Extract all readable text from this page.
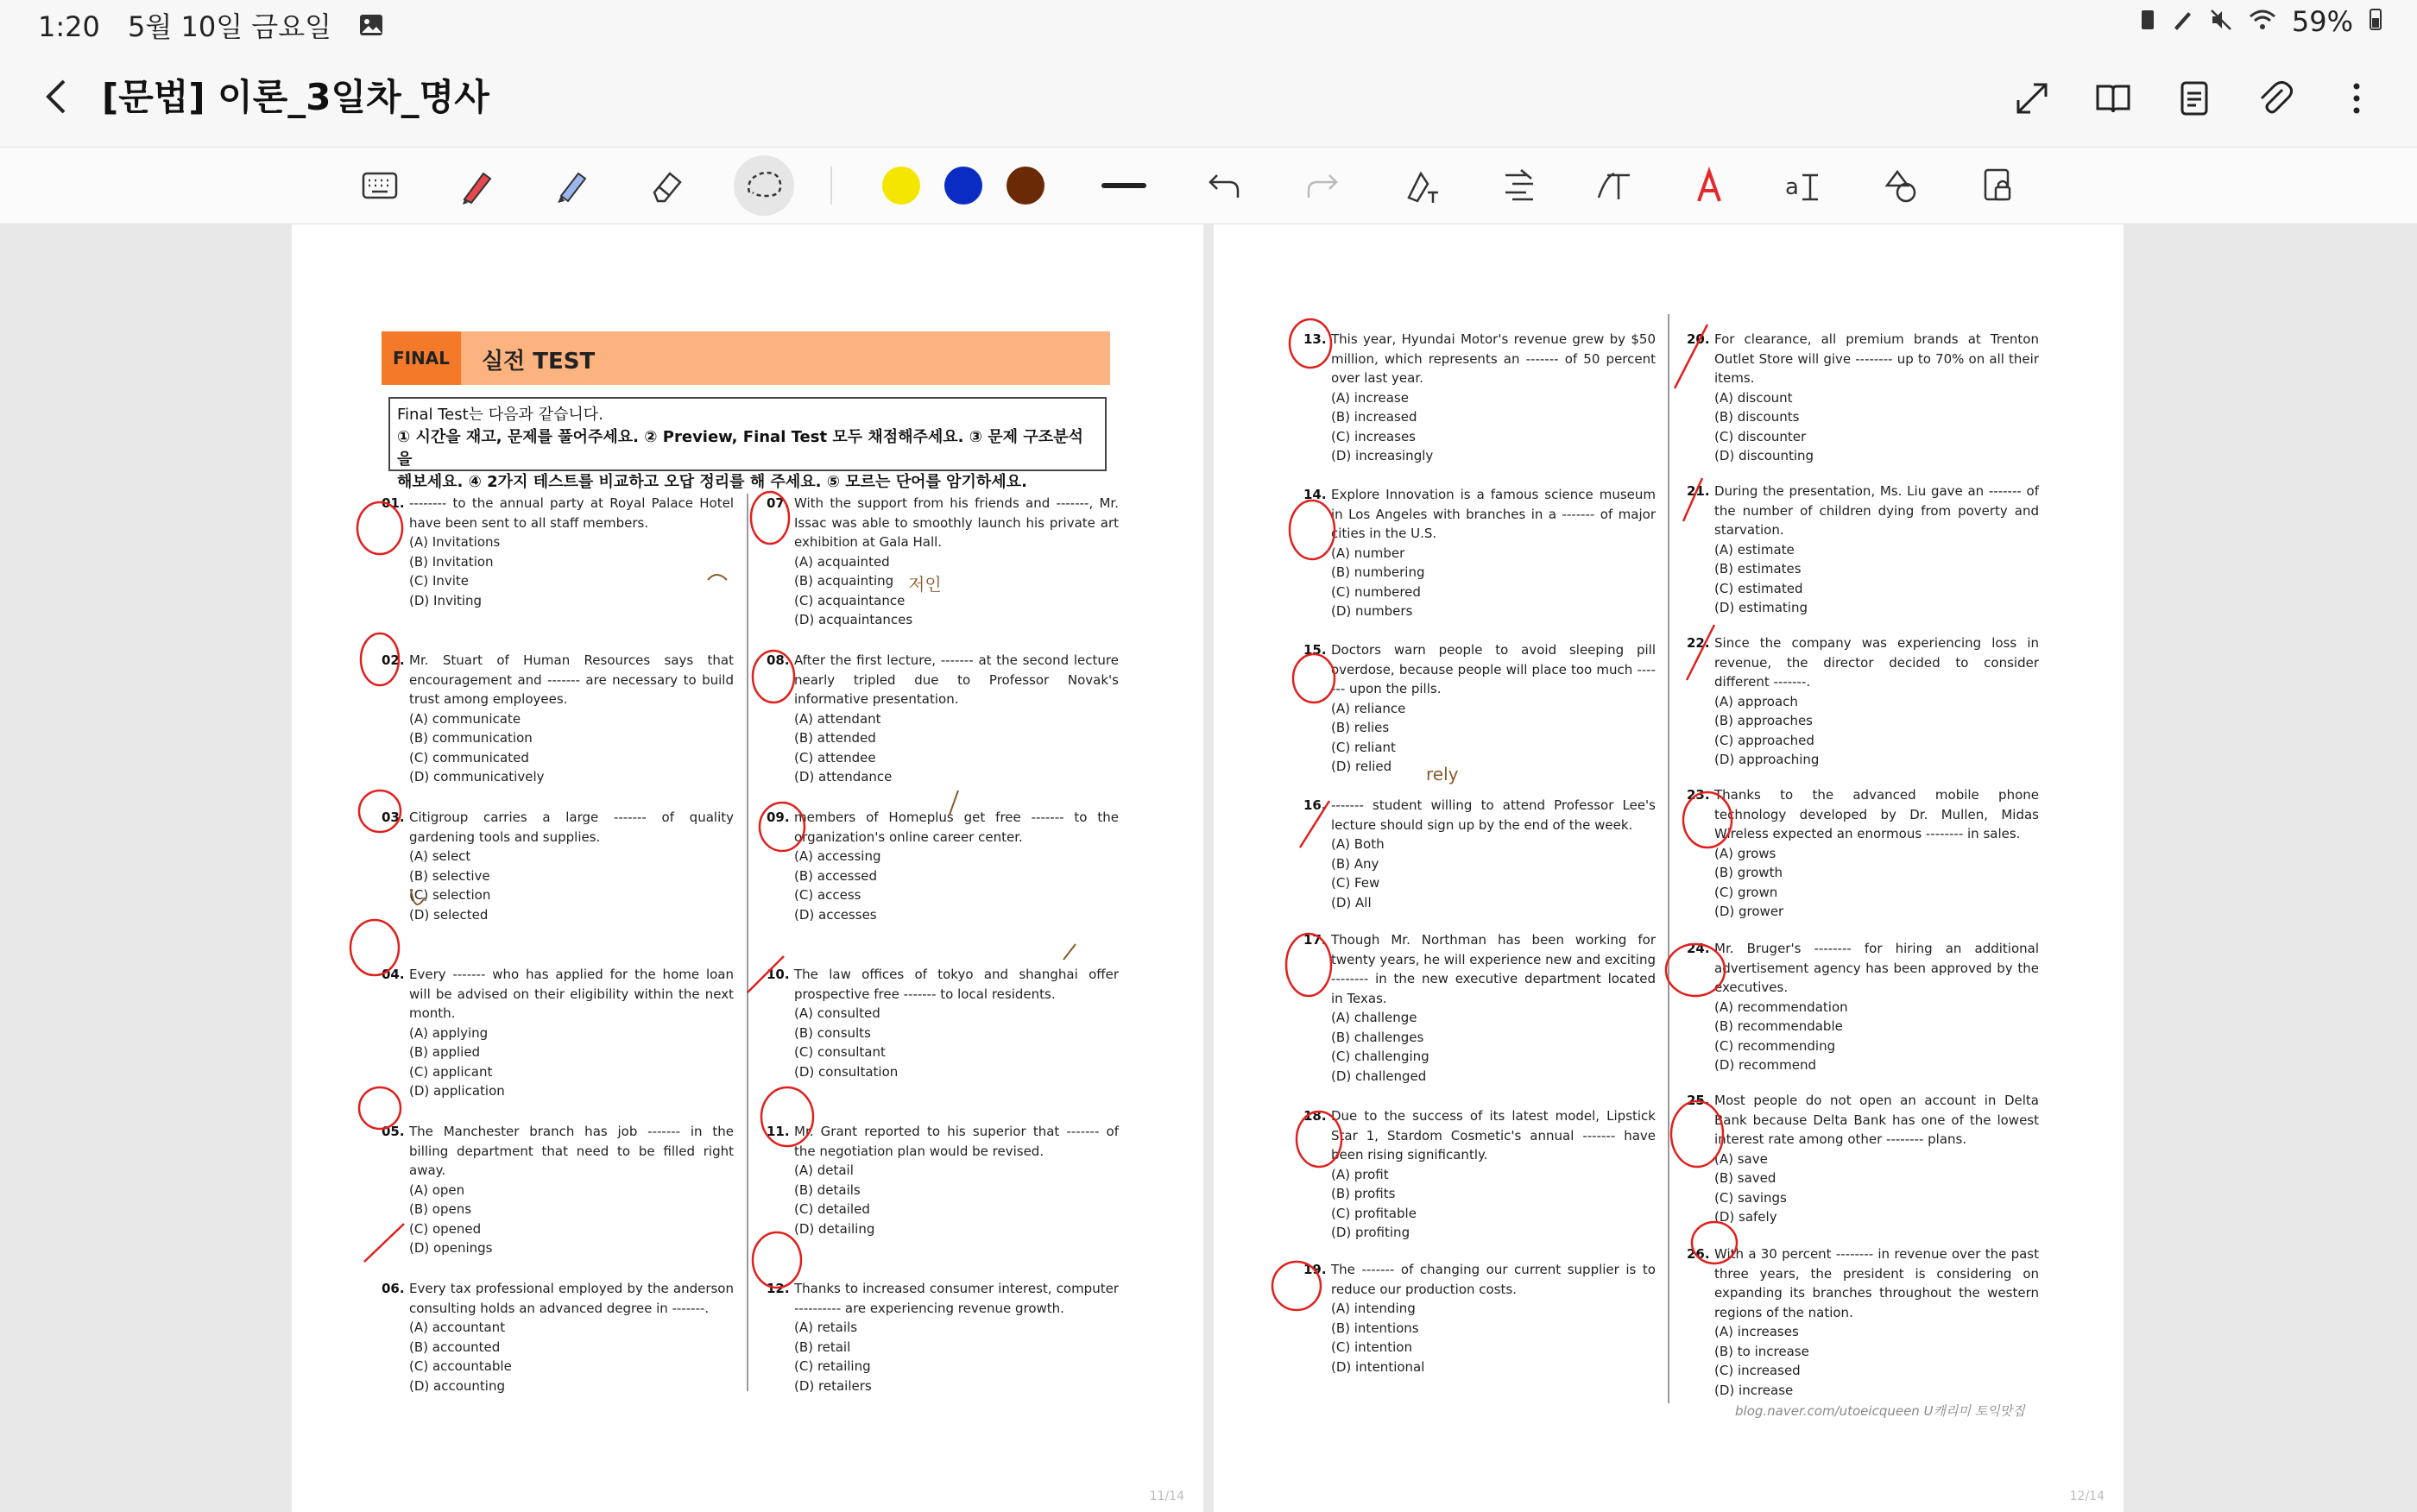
1:20 5월 10일 금요일	59%
[문법] 이론_3일차_명사
a
FINAL	실전 TEST
Final Test는 다음과 같습니다.
① 시간을 재고, 문제를 풀어주세요. ② Preview, Final Test 모두 채점해주세요. ③ 문제 구조분석을
해보세요. ④ 2가지 테스트를 비교하고 오답 정리를 해 주세요. ⑤ 모르는 단어를 암기하세요.
01. -------- to the annual party at Royal Palace Hotel have been sent to all staff members.
(A) Invitations
(B) Invitation
(C) Invite
(D) Inviting
02. Mr. Stuart of Human Resources says that encouragement and ------- are necessary to build trust among employees.
(A) communicate
(B) communication
(C) communicated
(D) communicatively
03. Citigroup carries a large ------- of quality gardening tools and supplies.
(A) select
(B) selective
(C) selection
(D) selected
04. Every ------- who has applied for the home loan will be advised on their eligibility within the next month.
(A) applying
(B) applied
(C) applicant
(D) application
05. The Manchester branch has job ------- in the billing department that need to be filled right away.
(A) open
(B) opens
(C) opened
(D) openings
06. Every tax professional employed by the anderson consulting holds an advanced degree in -------.
(A) accountant
(B) accounted
(C) accountable
(D) accounting
07. With the support from his friends and -------, Mr. Issac was able to smoothly launch his private art exhibition at Gala Hall.
(A) acquainted
(B) acquainting
(C) acquaintance
(D) acquaintances
08. After the first lecture, ------- at the second lecture nearly tripled due to Professor Novak's informative presentation.
(A) attendant
(B) attended
(C) attendee
(D) attendance
09. members of Homeplus get free ------- to the organization's online career center.
(A) accessing
(B) accessed
(C) access
(D) accesses
10. The law offices of tokyo and shanghai offer prospective free ------- to local residents.
(A) consulted
(B) consults
(C) consultant
(D) consultation
11. Mr. Grant reported to his superior that ------- of the negotiation plan would be revised.
(A) detail
(B) details
(C) detailed
(D) detailing
12. Thanks to increased consumer interest, computer ---------- are experiencing revenue growth.
(A) retails
(B) retail
(C) retailing
(D) retailers
11/14
13. This year, Hyundai Motor's revenue grew by $50 million, which represents an ------- of 50 percent over last year.
(A) increase
(B) increased
(C) increases
(D) increasingly
14. Explore Innovation is a famous science museum in Los Angeles with branches in a ------- of major cities in the U.S.
(A) number
(B) numbering
(C) numbered
(D) numbers
15. Doctors warn people to avoid sleeping pill overdose, because people will place too much ------- upon the pills.
(A) reliance
(B) relies
(C) reliant
(D) relied
16. ------- student willing to attend Professor Lee's lecture should sign up by the end of the week.
(A) Both
(B) Any
(C) Few
(D) All
17. Though Mr. Northman has been working for twenty years, he will experience new and exciting -------- in the new executive department located in Texas.
(A) challenge
(B) challenges
(C) challenging
(D) challenged
18. Due to the success of its latest model, Lipstick Star 1, Stardom Cosmetic's annual ------- have been rising significantly.
(A) profit
(B) profits
(C) profitable
(D) profiting
19. The ------- of changing our current supplier is to reduce our production costs.
(A) intending
(B) intentions
(C) intention
(D) intentional
20. For clearance, all premium brands at Trenton Outlet Store will give -------- up to 70% on all their items.
(A) discount
(B) discounts
(C) discounter
(D) discounting
21. During the presentation, Ms. Liu gave an ------- of the number of children dying from poverty and starvation.
(A) estimate
(B) estimates
(C) estimated
(D) estimating
22. Since the company was experiencing loss in revenue, the director decided to consider different -------.
(A) approach
(B) approaches
(C) approached
(D) approaching
23. Thanks to the advanced mobile phone technology developed by Dr. Mullen, Midas Wireless expected an enormous -------- in sales.
(A) grows
(B) growth
(C) grown
(D) grower
24. Mr. Bruger's -------- for hiring an additional advertisement agency has been approved by the executives.
(A) recommendation
(B) recommendable
(C) recommending
(D) recommend
25. Most people do not open an account in Delta Bank because Delta Bank has one of the lowest interest rate among other -------- plans.
(A) save
(B) saved
(C) savings
(D) safely
26. With a 30 percent -------- in revenue over the past three years, the president is considering on expanding its branches throughout the western regions of the nation.
(A) increases
(B) to increase
(C) increased
(D) increase
blog.naver.com/utoeicqueen U캐리미 토익맛집
12/14
저인
rely
